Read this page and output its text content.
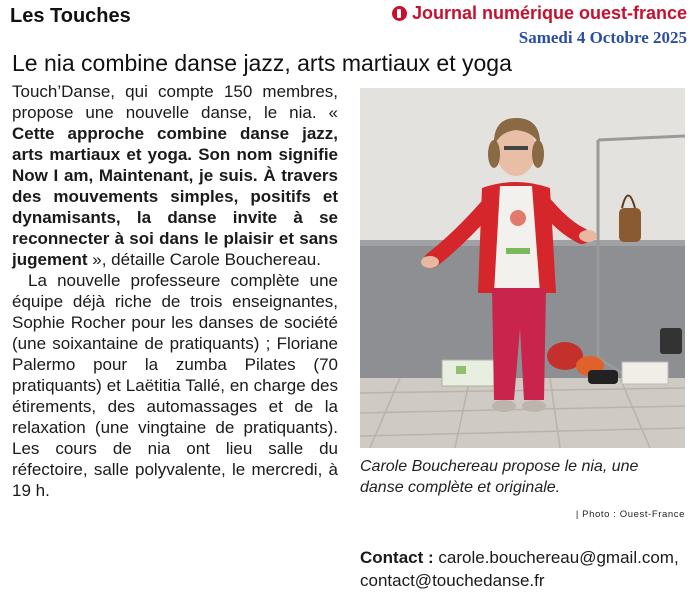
Les Touches	Journal numérique ouest-france
Samedi 4 Octobre 2025
Le nia combine danse jazz, arts martiaux et yoga

Touch’Danse, qui compte 150 membres, propose une nouvelle danse, le nia. « Cette approche combine danse jazz, arts martiaux et yoga. Son nom signifie Now I am, Maintenant, je suis. À travers des mouvements simples, positifs et dynamisants, la danse invite à se reconnecter à soi dans le plaisir et sans jugement », détaille Carole Bouchereau.

La nouvelle professeure complète une équipe déjà riche de trois enseignantes, Sophie Rocher pour les danses de société (une soixantaine de pratiquants) ; Floriane Palermo pour la zumba Pilates (70 pratiquants) et Laëtitia Tallé, en charge des étirements, des automassages et de la relaxation (une vingtaine de pratiquants). Les cours de nia ont lieu salle du réfectoire, salle polyvalente, le mercredi, à 19 h.

Carole Bouchereau propose le nia, une danse complète et originale.
| Photo : Ouest-France
Contact : carole.bouchereau@gmail.com, contact@touchedanse.fr
